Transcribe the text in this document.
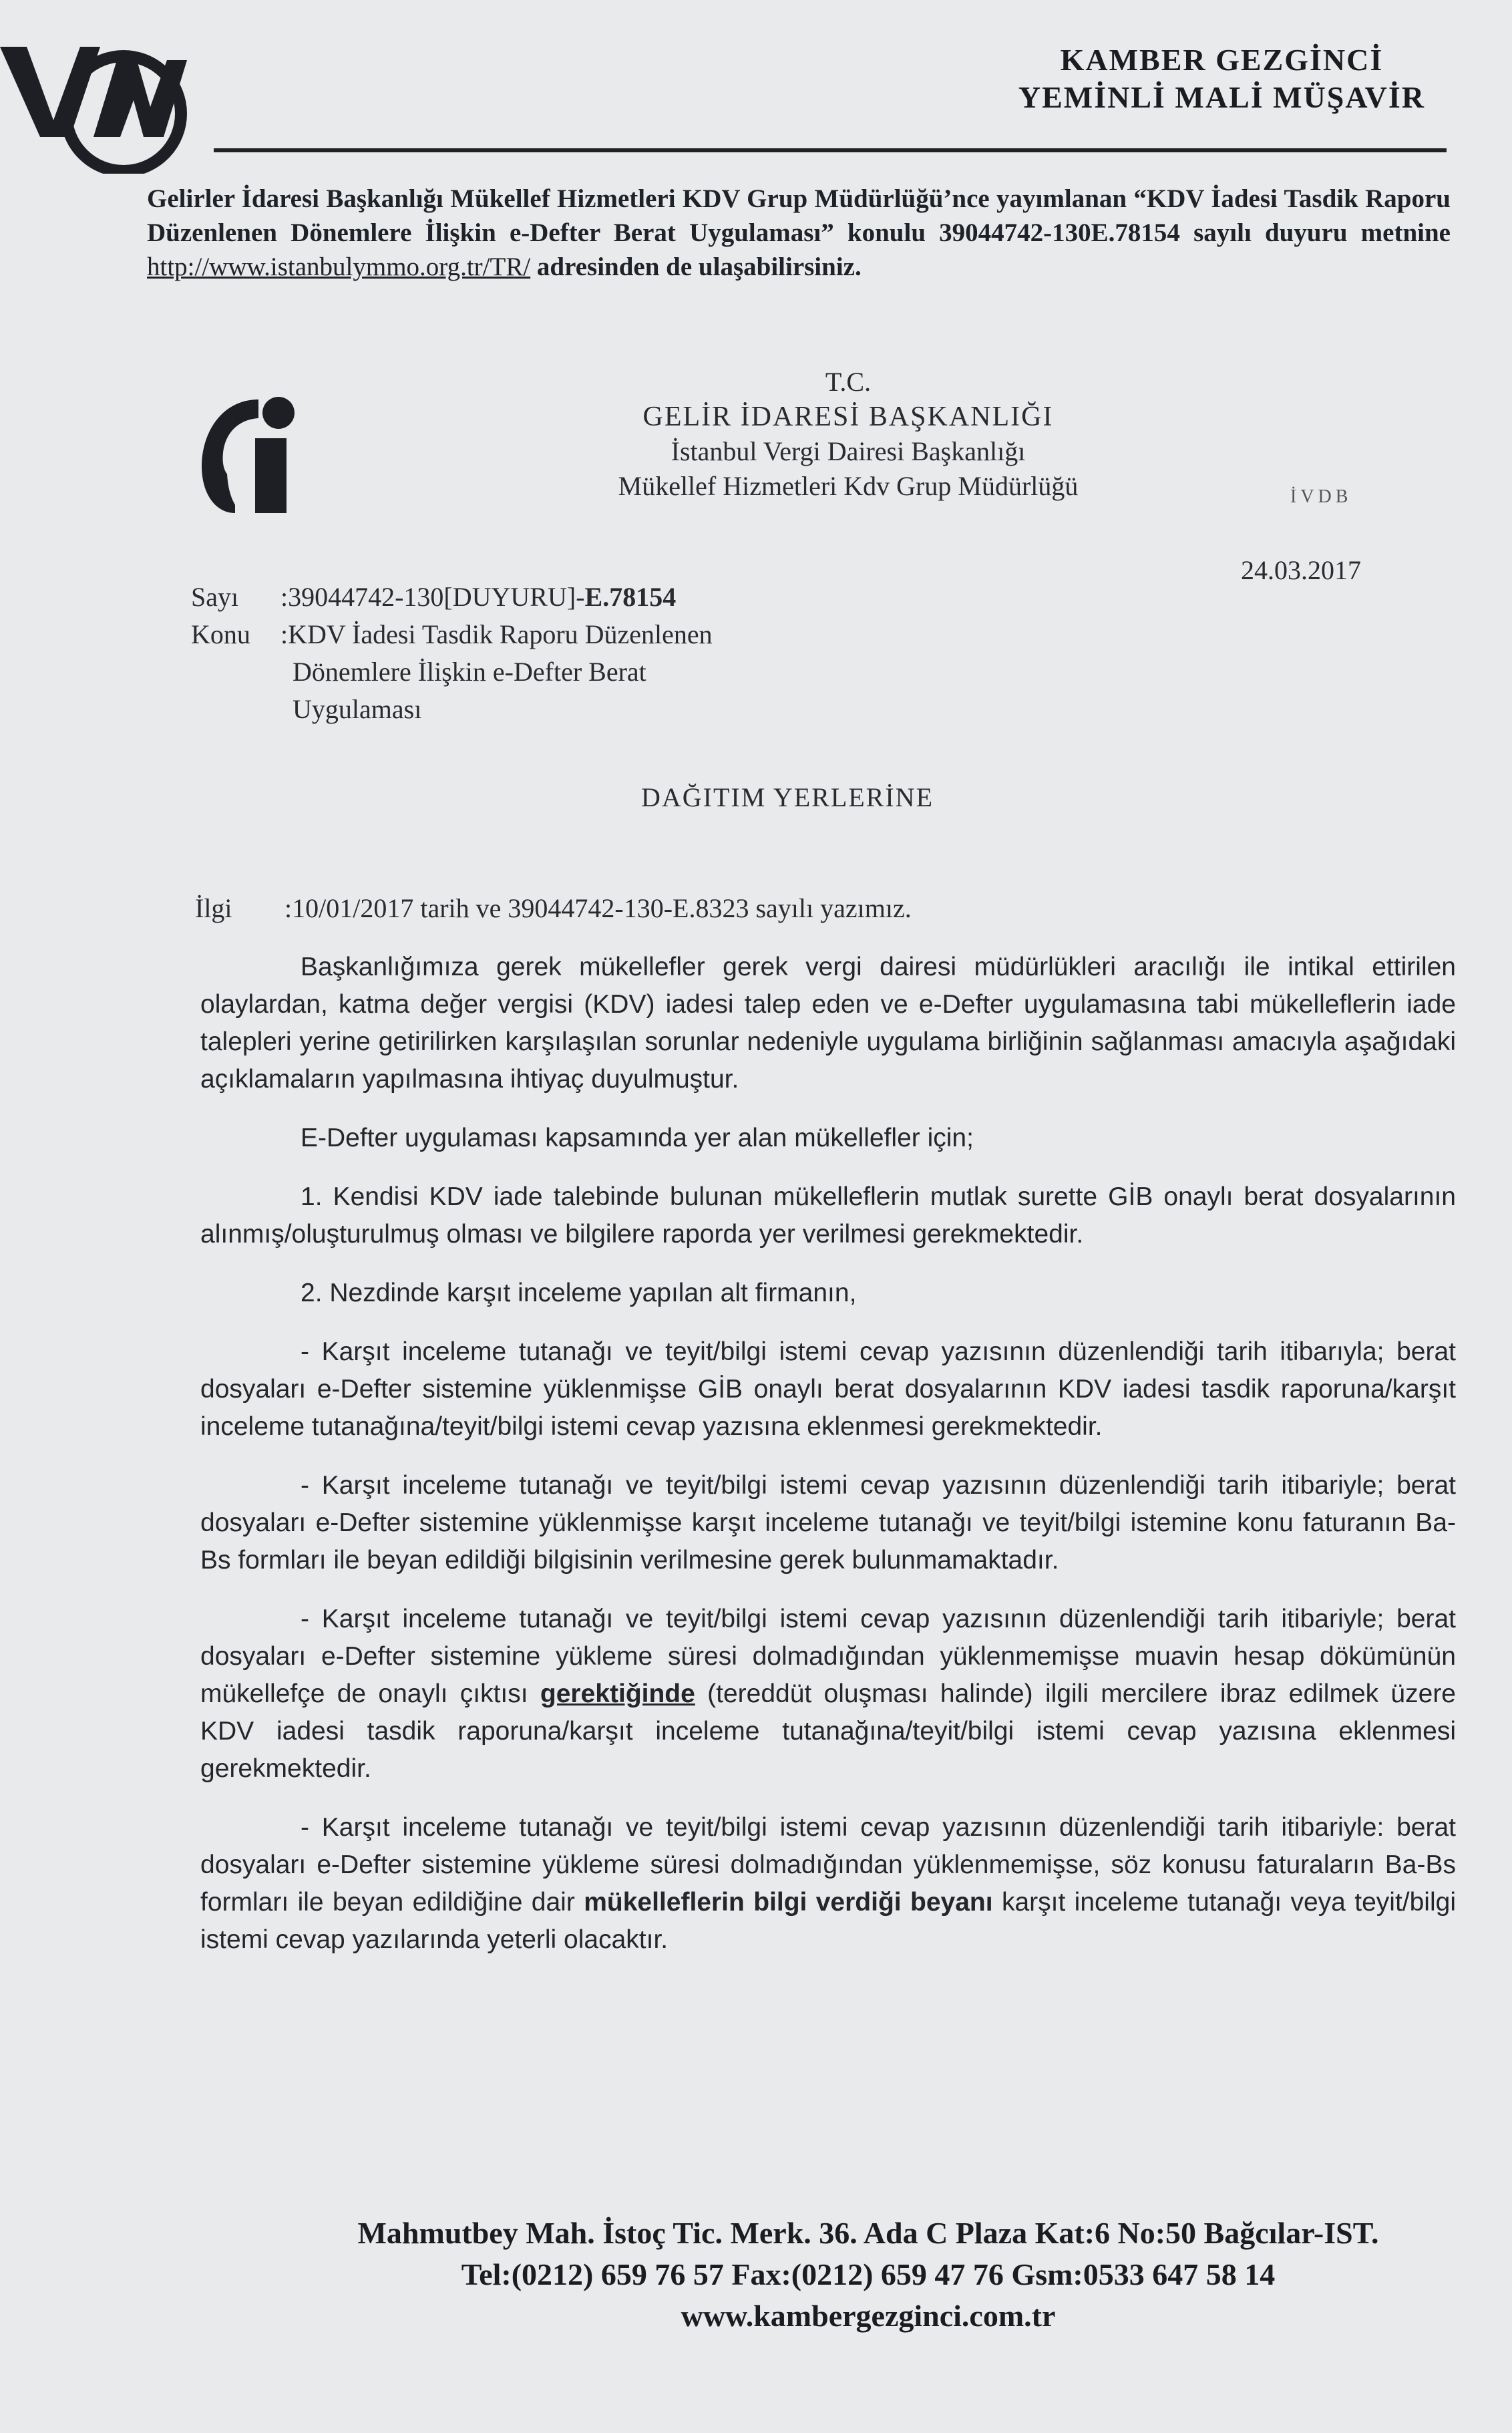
KAMBER GEZGİNCİ
YEMİNLİ MALİ MÜŞAVİR
Gelirler İdaresi Başkanlığı Mükellef Hizmetleri KDV Grup Müdürlüğü’nce yayımlanan “KDV İadesi Tasdik Raporu Düzenlenen Dönemlere İlişkin e-Defter Berat Uygulaması” konulu 39044742-130E.78154 sayılı duyuru metnine http://www.istanbulymmo.org.tr/TR/ adresinden de ulaşabilirsiniz.
T.C.
GELİR İDARESİ BAŞKANLIĞI
İstanbul Vergi Dairesi Başkanlığı
Mükellef Hizmetleri Kdv Grup Müdürlüğü	İVDB
24.03.2017
Sayı	:39044742-130[DUYURU]-E.78154
Konu	:KDV İadesi Tasdik Raporu Düzenlenen
Dönemlere İlişkin e-Defter Berat
Uygulaması
DAĞITIM YERLERİNE
İlgi	:10/01/2017 tarih ve 39044742-130-E.8323 sayılı yazımız.

Başkanlığımıza gerek mükellefler gerek vergi dairesi müdürlükleri aracılığı ile intikal ettirilen olaylardan, katma değer vergisi (KDV) iadesi talep eden ve e-Defter uygulamasına tabi mükelleflerin iade talepleri yerine getirilirken karşılaşılan sorunlar nedeniyle uygulama birliğinin sağlanması amacıyla aşağıdaki açıklamaların yapılmasına ihtiyaç duyulmuştur.

E-Defter uygulaması kapsamında yer alan mükellefler için;

1. Kendisi KDV iade talebinde bulunan mükelleflerin mutlak surette GİB onaylı berat dosyalarının alınmış/oluşturulmuş olması ve bilgilere raporda yer verilmesi gerekmektedir.

2. Nezdinde karşıt inceleme yapılan alt firmanın,

- Karşıt inceleme tutanağı ve teyit/bilgi istemi cevap yazısının düzenlendiği tarih itibarıyla; berat dosyaları e-Defter sistemine yüklenmişse GİB onaylı berat dosyalarının KDV iadesi tasdik raporuna/karşıt inceleme tutanağına/teyit/bilgi istemi cevap yazısına eklenmesi gerekmektedir.

- Karşıt inceleme tutanağı ve teyit/bilgi istemi cevap yazısının düzenlendiği tarih itibariyle; berat dosyaları e-Defter sistemine yüklenmişse karşıt inceleme tutanağı ve teyit/bilgi istemine konu faturanın Ba-Bs formları ile beyan edildiği bilgisinin verilmesine gerek bulunmamaktadır.

- Karşıt inceleme tutanağı ve teyit/bilgi istemi cevap yazısının düzenlendiği tarih itibariyle; berat dosyaları e-Defter sistemine yükleme süresi dolmadığından yüklenmemişse muavin hesap dökümünün mükellefçe de onaylı çıktısı gerektiğinde (tereddüt oluşması halinde) ilgili mercilere ibraz edilmek üzere KDV iadesi tasdik raporuna/karşıt inceleme tutanağına/teyit/bilgi istemi cevap yazısına eklenmesi gerekmektedir.

- Karşıt inceleme tutanağı ve teyit/bilgi istemi cevap yazısının düzenlendiği tarih itibariyle: berat dosyaları e-Defter sistemine yükleme süresi dolmadığından yüklenmemişse, söz konusu faturaların Ba-Bs formları ile beyan edildiğine dair mükelleflerin bilgi verdiği beyanı karşıt inceleme tutanağı veya teyit/bilgi istemi cevap yazılarında yeterli olacaktır.

Mahmutbey Mah. İstoç Tic. Merk. 36. Ada C Plaza Kat:6 No:50 Bağcılar-IST.
Tel:(0212) 659 76 57 Fax:(0212) 659 47 76 Gsm:0533 647 58 14
www.kambergezginci.com.tr
